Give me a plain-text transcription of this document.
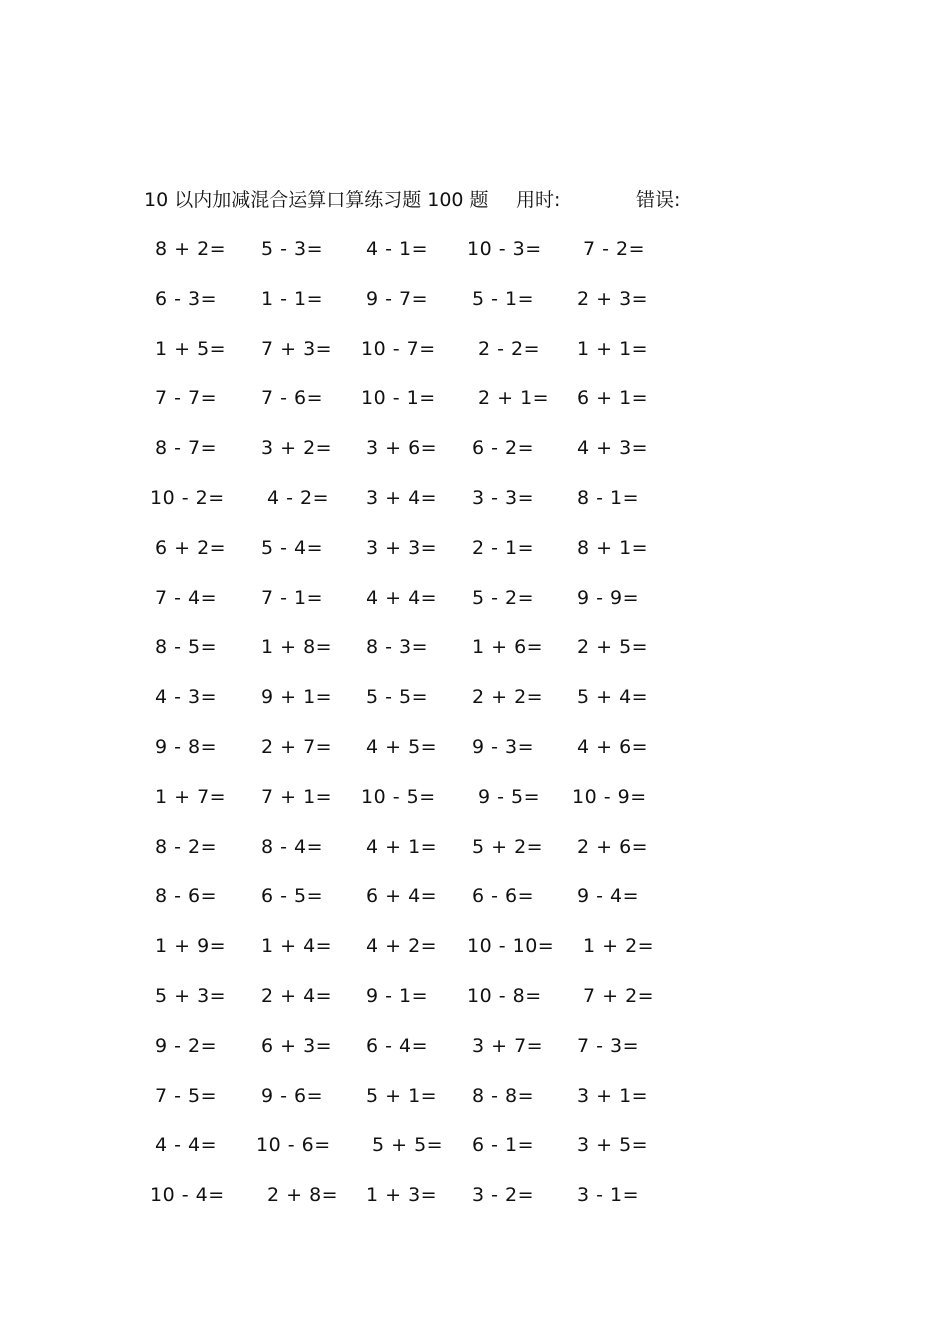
10 以内加减混合运算口算练习题 100 题 用时:	错误:
8 + 2= 5 - 3= 4 - 1= 10 - 3= 7 - 2=
6 - 3= 1 - 1= 9 - 7= 5 - 1= 2 + 3=
1 + 5= 7 + 3= 10 - 7= 2 - 2= 1 + 1=
7 - 7= 7 - 6= 10 - 1= 2 + 1= 6 + 1=
8 - 7= 3 + 2= 3 + 6= 6 - 2= 4 + 3=
10 - 2= 4 - 2= 3 + 4= 3 - 3= 8 - 1=
6 + 2= 5 - 4= 3 + 3= 2 - 1= 8 + 1=
7 - 4= 7 - 1= 4 + 4= 5 - 2= 9 - 9=
8 - 5= 1 + 8= 8 - 3= 1 + 6= 2 + 5=
4 - 3= 9 + 1= 5 - 5= 2 + 2= 5 + 4=
9 - 8= 2 + 7= 4 + 5= 9 - 3= 4 + 6=
1 + 7= 7 + 1= 10 - 5= 9 - 5= 10 - 9=
8 - 2= 8 - 4= 4 + 1= 5 + 2= 2 + 6=
8 - 6= 6 - 5= 6 + 4= 6 - 6= 9 - 4=
1 + 9= 1 + 4= 4 + 2= 10 - 10= 1 + 2=
5 + 3= 2 + 4= 9 - 1= 10 - 8= 7 + 2=
9 - 2= 6 + 3= 6 - 4= 3 + 7= 7 - 3=
7 - 5= 9 - 6= 5 + 1= 8 - 8= 3 + 1=
4 - 4= 10 - 6= 5 + 5= 6 - 1= 3 + 5=
10 - 4= 2 + 8= 1 + 3= 3 - 2= 3 - 1=
